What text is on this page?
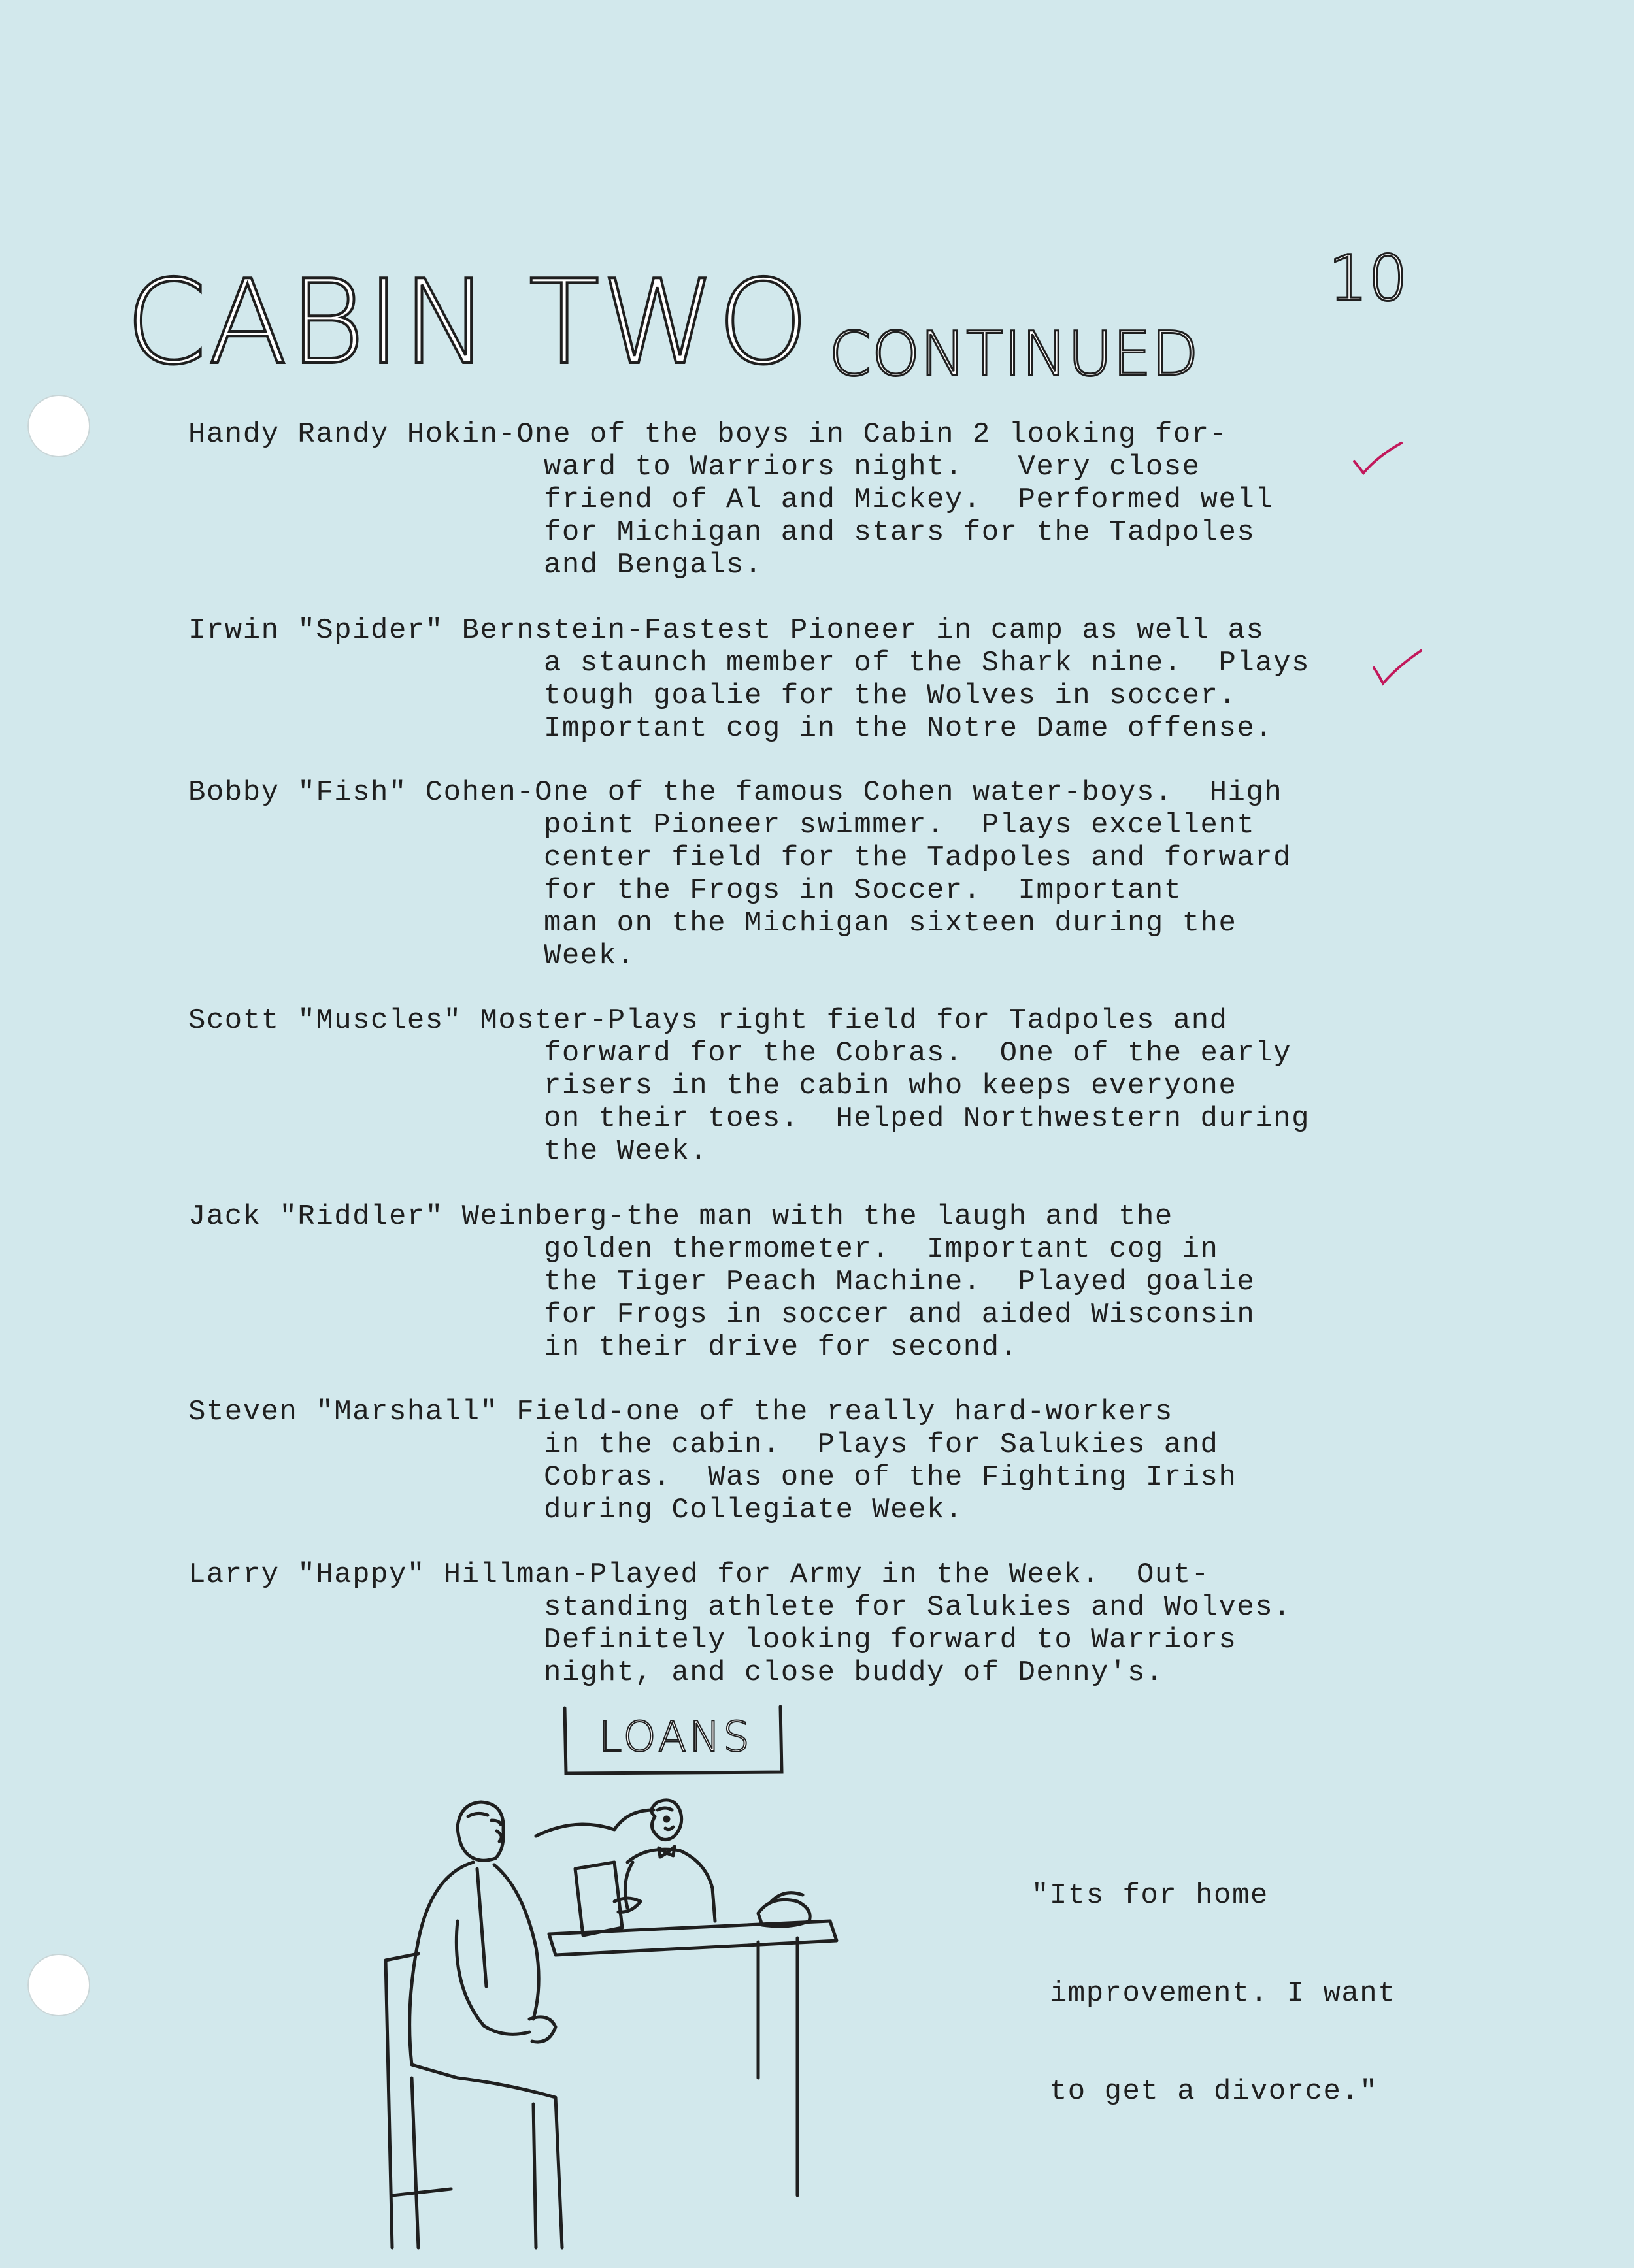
CABIN TWO CONTINUED
10
Handy Randy Hokin-One of the boys in Cabin 2 looking for-
ward to Warriors night.   Very close
friend of Al and Mickey.  Performed well
for Michigan and stars for the Tadpoles
and Bengals.
Irwin "Spider" Bernstein-Fastest Pioneer in camp as well as
a staunch member of the Shark nine.  Plays
tough goalie for the Wolves in soccer.
Important cog in the Notre Dame offense.
Bobby "Fish" Cohen-One of the famous Cohen water-boys.  High
point Pioneer swimmer.  Plays excellent
center field for the Tadpoles and forward
for the Frogs in Soccer.  Important
man on the Michigan sixteen during the
Week.
Scott "Muscles" Moster-Plays right field for Tadpoles and
forward for the Cobras.  One of the early
risers in the cabin who keeps everyone
on their toes.  Helped Northwestern during
the Week.
Jack "Riddler" Weinberg-the man with the laugh and the
golden thermometer.  Important cog in
the Tiger Peach Machine.  Played goalie
for Frogs in soccer and aided Wisconsin
in their drive for second.
Steven "Marshall" Field-one of the really hard-workers
in the cabin.  Plays for Salukies and
Cobras.  Was one of the Fighting Irish
during Collegiate Week.
Larry "Happy" Hillman-Played for Army in the Week.  Out-
standing athlete for Salukies and Wolves.
Definitely looking forward to Warriors
night, and close buddy of Denny's.
LOANS

"Its for home

improvement. I want

to get a divorce."
